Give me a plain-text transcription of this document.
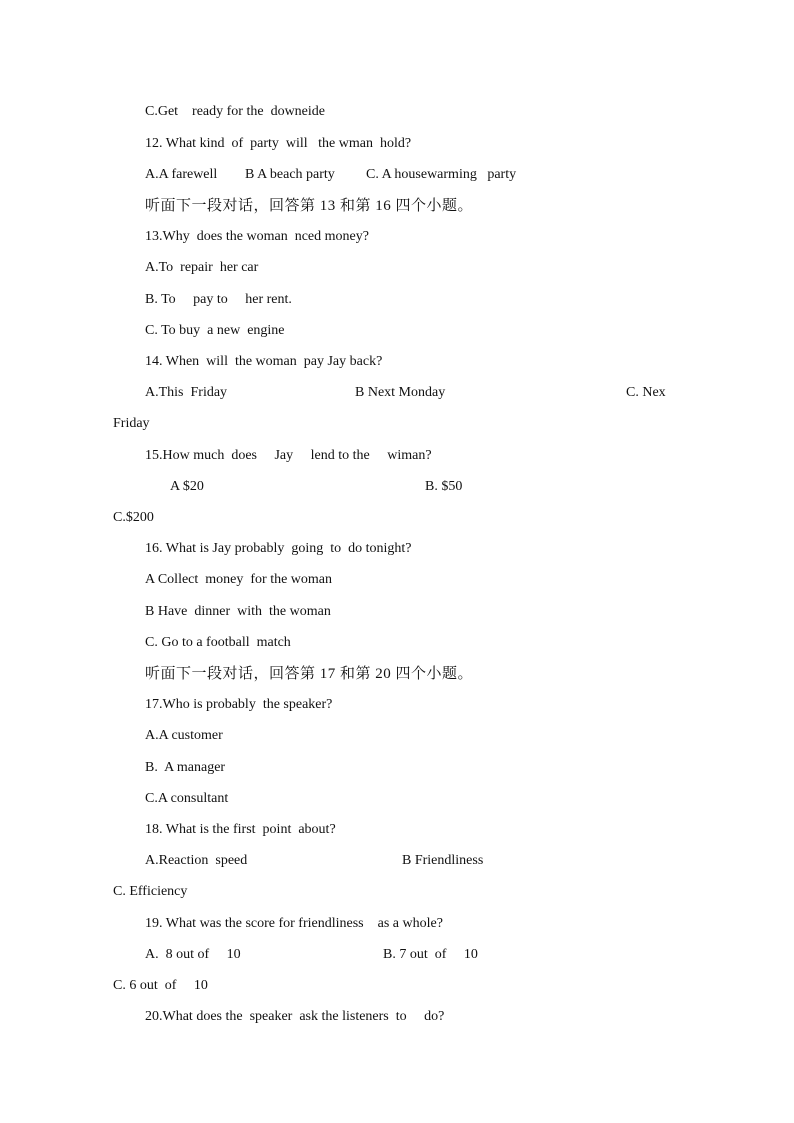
C.Get    ready for the  downeide

12. What kind  of  party  will   the wman  hold?

A.A farewell B A beach party C. A housewarming   party

听面下一段对话，回答第 13 和第 16 四个小题。

13.Why  does the woman  nced money?

A.To  repair  her car

B. To     pay to     her rent.

C. To buy  a new  engine

14. When  will  the woman  pay Jay back?

A.This  Friday	B Next Monday	C. Nex

Friday

15.How much  does     Jay     lend to the     wiman?

A $20	B. $50

C.$200

16. What is Jay probably  going  to  do tonight?

A Collect  money  for the woman

B Have  dinner  with  the woman

C. Go to a football  match

听面下一段对话，回答第 17 和第 20 四个小题。

17.Who is probably  the speaker?

A.A customer

B.  A manager

C.A consultant

18. What is the first  point  about?

A.Reaction  speed	B Friendliness

C. Efficiency

19. What was the score for friendliness    as a whole?

A.  8 out of     10	B. 7 out  of     10

C. 6 out  of     10

20.What does the  speaker  ask the listeners  to     do?
